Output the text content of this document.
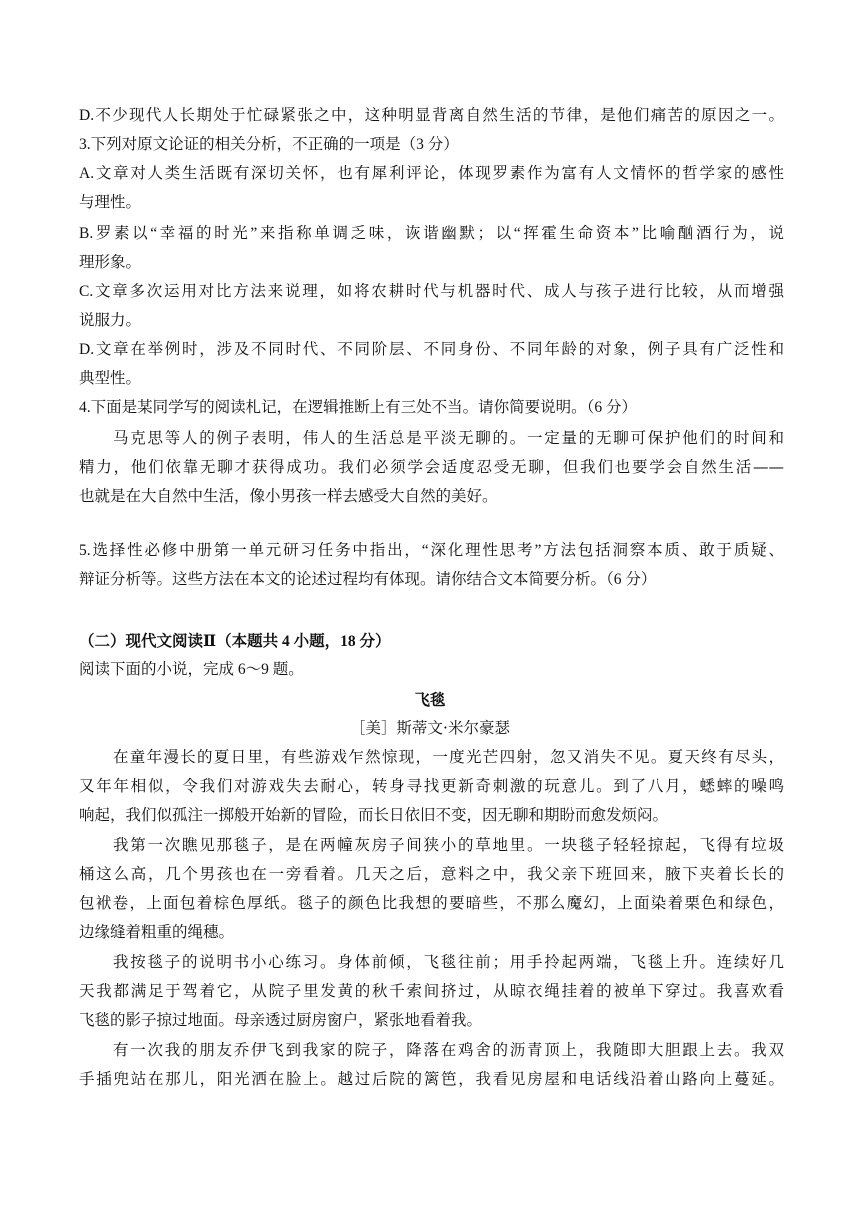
D.不少现代人长期处于忙碌紧张之中，这种明显背离自然生活的节律，是他们痛苦的原因之一。
3.下列对原文论证的相关分析，不正确的一项是（3 分）
A.文章对人类生活既有深切关怀，也有犀利评论，体现罗素作为富有人文情怀的哲学家的感性
与理性。
B.罗素以“幸福的时光”来指称单调乏味，诙谐幽默；以“挥霍生命资本”比喻酗酒行为，说
理形象。
C.文章多次运用对比方法来说理，如将农耕时代与机器时代、成人与孩子进行比较，从而增强
说服力。
D.文章在举例时，涉及不同时代、不同阶层、不同身份、不同年龄的对象，例子具有广泛性和
典型性。
4.下面是某同学写的阅读札记，在逻辑推断上有三处不当。请你简要说明。（6 分）
马克思等人的例子表明，伟人的生活总是平淡无聊的。一定量的无聊可保护他们的时间和
精力，他们依靠无聊才获得成功。我们必须学会适度忍受无聊，但我们也要学会自然生活——
也就是在大自然中生活，像小男孩一样去感受大自然的美好。
5.选择性必修中册第一单元研习任务中指出，“深化理性思考”方法包括洞察本质、敢于质疑、
辩证分析等。这些方法在本文的论述过程均有体现。请你结合文本简要分析。（6 分）
（二）现代文阅读Ⅱ（本题共 4 小题，18 分）
阅读下面的小说，完成 6～9 题。
飞毯
［美］斯蒂文·米尔豪瑟
在童年漫长的夏日里，有些游戏乍然惊现，一度光芒四射，忽又消失不见。夏天终有尽头，
又年年相似，令我们对游戏失去耐心，转身寻找更新奇刺激的玩意儿。到了八月，蟋蟀的噪鸣
响起，我们似孤注一掷般开始新的冒险，而长日依旧不变，因无聊和期盼而愈发烦闷。
我第一次瞧见那毯子，是在两幢灰房子间狭小的草地里。一块毯子轻轻掠起，飞得有垃圾
桶这么高，几个男孩也在一旁看着。几天之后，意料之中，我父亲下班回来，腋下夹着长长的
包袱卷，上面包着棕色厚纸。毯子的颜色比我想的要暗些，不那么魔幻，上面染着栗色和绿色，
边缘缝着粗重的绳穗。
我按毯子的说明书小心练习。身体前倾，飞毯往前；用手拎起两端，飞毯上升。连续好几
天我都满足于驾着它，从院子里发黄的秋千索间挤过，从晾衣绳挂着的被单下穿过。我喜欢看
飞毯的影子掠过地面。母亲透过厨房窗户，紧张地看着我。
有一次我的朋友乔伊飞到我家的院子，降落在鸡舍的沥青顶上，我随即大胆跟上去。我双
手插兜站在那儿，阳光洒在脸上。越过后院的篱笆，我看见房屋和电话线沿着山路向上蔓延。
